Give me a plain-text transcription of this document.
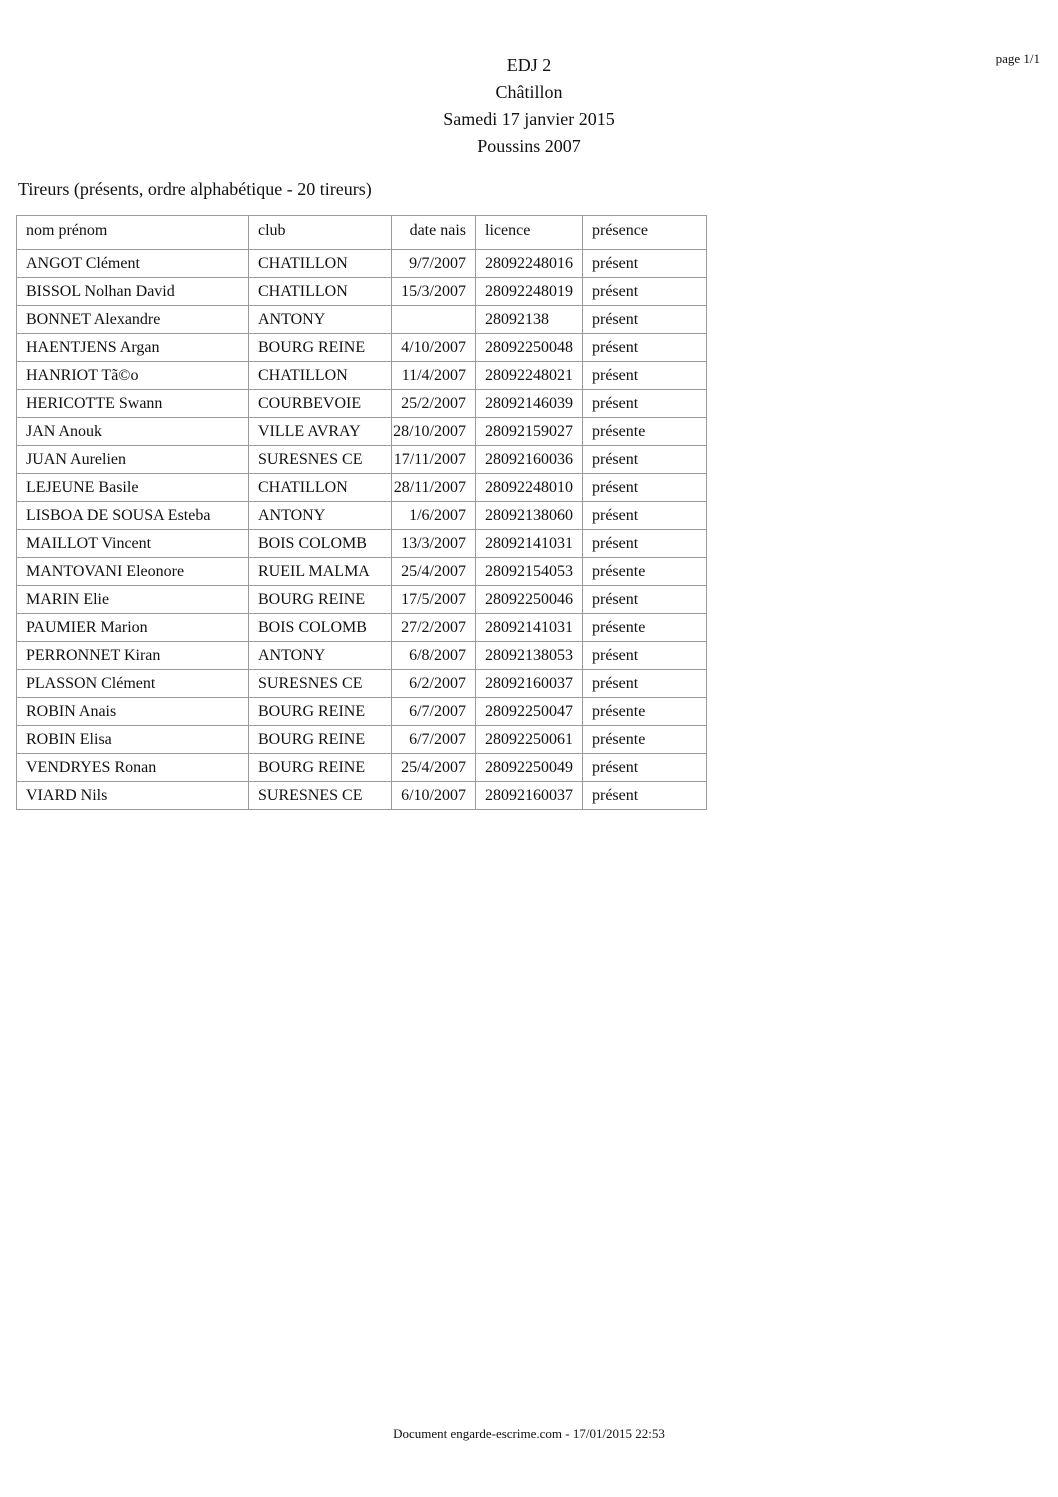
page 1/1
EDJ 2
Châtillon
Samedi 17 janvier 2015
Poussins 2007
Tireurs (présents, ordre alphabétique - 20 tireurs)
nom prénom	club	date nais	licence	présence
ANGOT Clément	CHATILLON	9/7/2007	28092248016	présent
BISSOL Nolhan David	CHATILLON	15/3/2007	28092248019	présent
BONNET Alexandre	ANTONY		28092138	présent
HAENTJENS Argan	BOURG REINE	4/10/2007	28092250048	présent
HANRIOT Tã©o	CHATILLON	11/4/2007	28092248021	présent
HERICOTTE Swann	COURBEVOIE	25/2/2007	28092146039	présent
JAN Anouk	VILLE AVRAY	28/10/2007	28092159027	présente
JUAN Aurelien	SURESNES CE	17/11/2007	28092160036	présent
LEJEUNE Basile	CHATILLON	28/11/2007	28092248010	présent
LISBOA DE SOUSA Esteba	ANTONY	1/6/2007	28092138060	présent
MAILLOT Vincent	BOIS COLOMB	13/3/2007	28092141031	présent
MANTOVANI Eleonore	RUEIL MALMA	25/4/2007	28092154053	présente
MARIN Elie	BOURG REINE	17/5/2007	28092250046	présent
PAUMIER Marion	BOIS COLOMB	27/2/2007	28092141031	présente
PERRONNET Kiran	ANTONY	6/8/2007	28092138053	présent
PLASSON Clément	SURESNES CE	6/2/2007	28092160037	présent
ROBIN Anais	BOURG REINE	6/7/2007	28092250047	présente
ROBIN Elisa	BOURG REINE	6/7/2007	28092250061	présente
VENDRYES Ronan	BOURG REINE	25/4/2007	28092250049	présent
VIARD Nils	SURESNES CE	6/10/2007	28092160037	présent
Document engarde-escrime.com - 17/01/2015 22:53
